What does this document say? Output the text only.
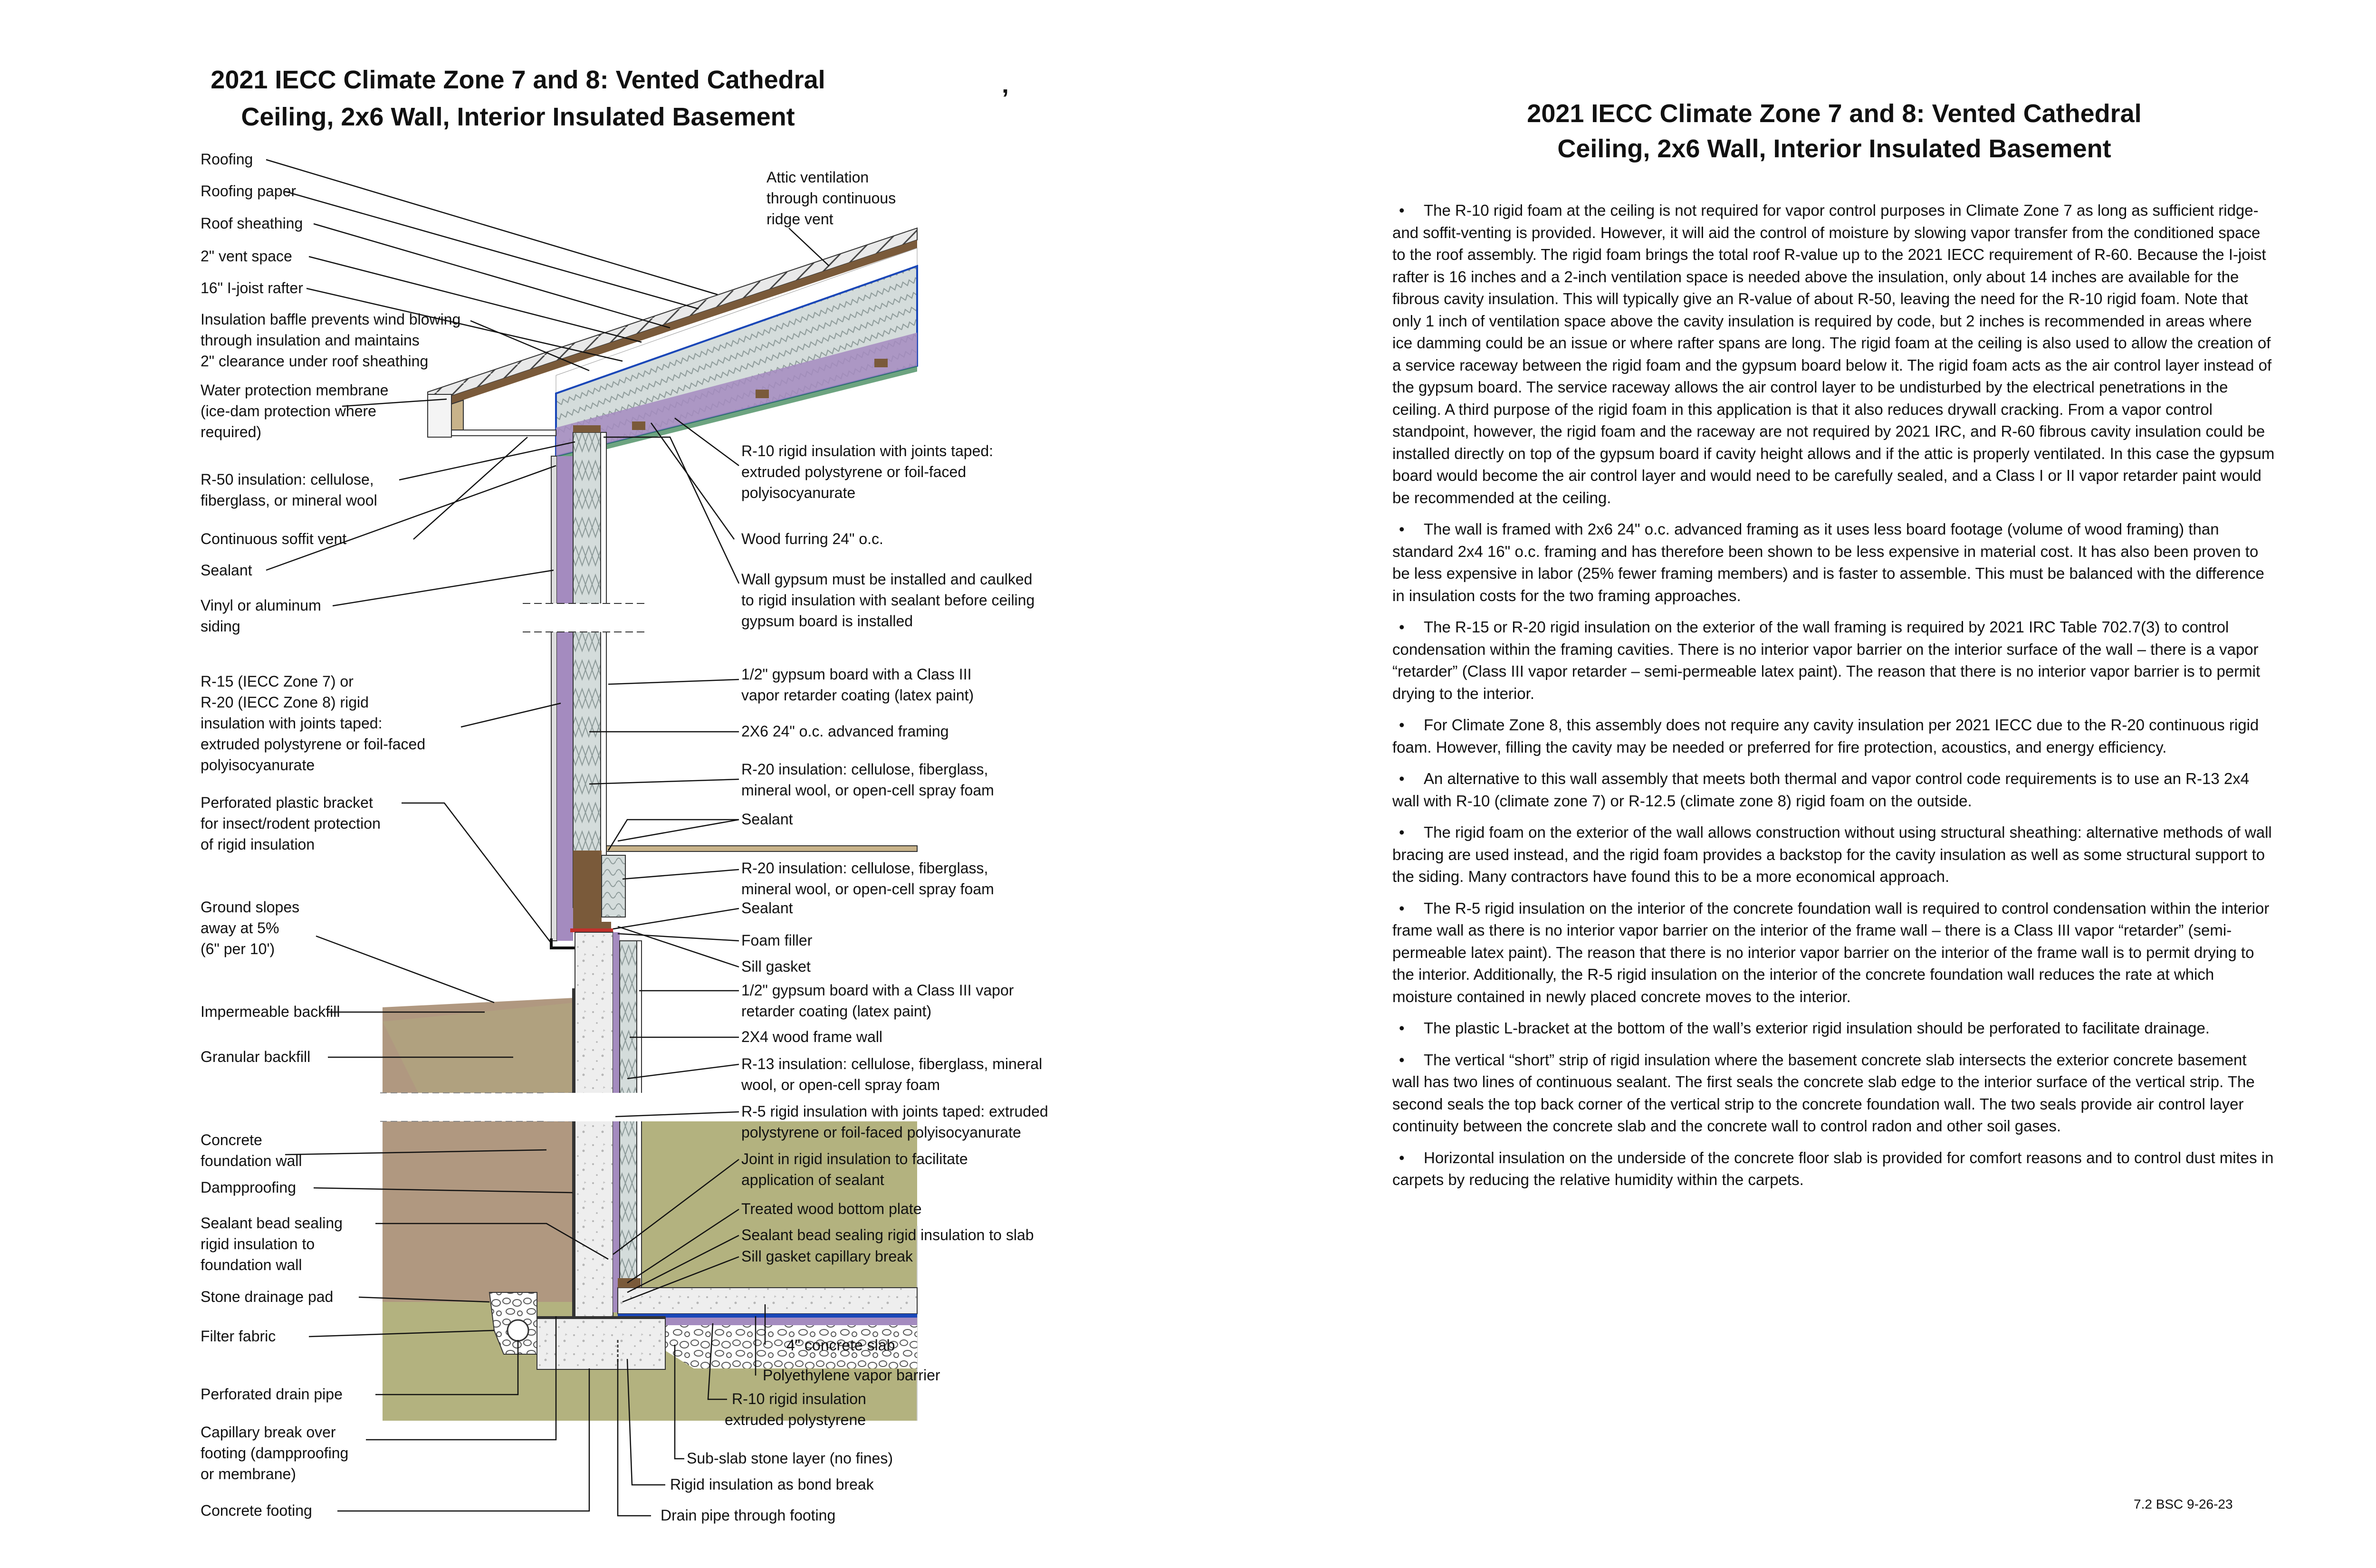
2021 IECC Climate Zone 7 and 8: Vented Cathedral
Ceiling, 2x6 Wall, Interior Insulated Basement
’
Roofing
Roofing paper
Roof sheathing
2" vent space
16" I-joist rafter
Insulation baffle prevents wind blowing through insulation and maintains 2" clearance under roof sheathing
Water protection membrane (ice-dam protection where required)
R-50 insulation: cellulose, fiberglass, or mineral wool
Continuous soffit vent
Sealant
Vinyl or aluminum siding
R-15 (IECC Zone 7) or R-20 (IECC Zone 8) rigid insulation with joints taped: extruded polystyrene or foil-faced polyisocyanurate
Perforated plastic bracket for insect/rodent protection of rigid insulation
Ground slopes away at 5% (6" per 10')
Impermeable backfill
Granular backfill
Concrete foundation wall
Dampproofing
Sealant bead sealing rigid insulation to foundation wall
Stone drainage pad
Filter fabric
Perforated drain pipe
Capillary break over footing (dampproofing or membrane)
Concrete footing
Attic ventilation through continuous ridge vent
R-10 rigid insulation with joints taped: extruded polystyrene or foil-faced polyisocyanurate
Wood furring 24" o.c.
Wall gypsum must be installed and caulked to rigid insulation with sealant before ceiling gypsum board is installed
1/2" gypsum board with a Class III vapor retarder coating (latex paint)
2X6 24" o.c. advanced framing
R-20 insulation: cellulose, fiberglass, mineral wool, or open-cell spray foam
Sealant
R-20 insulation: cellulose, fiberglass, mineral wool, or open-cell spray foam
Sealant
Foam filler
Sill gasket
1/2" gypsum board with a Class III vapor retarder coating (latex paint)
2X4 wood frame wall
R-13 insulation: cellulose, fiberglass, mineral wool, or open-cell spray foam
R-5 rigid insulation with joints taped: extruded polystyrene or foil-faced polyisocyanurate
Joint in rigid insulation to facilitate application of sealant
Treated wood bottom plate
Sealant bead sealing rigid insulation to slab
Sill gasket capillary break
4" concrete slab
Polyethylene vapor barrier
R-10 rigid insulation extruded polystyrene
Sub-slab stone layer (no fines)
Rigid insulation as bond break
Drain pipe through footing
2021 IECC Climate Zone 7 and 8: Vented Cathedral
Ceiling, 2x6 Wall, Interior Insulated Basement
• The R-10 rigid foam at the ceiling is not required for vapor control purposes in Climate Zone 7 as long as sufficient ridge- and soffit-venting is provided. However, it will aid the control of moisture by slowing vapor transfer from the conditioned space to the roof assembly. The rigid foam brings the total roof R-value up to the 2021 IECC requirement of R-60. Because the I-joist rafter is 16 inches and a 2-inch ventilation space is needed above the insulation, only about 14 inches are available for the fibrous cavity insulation. This will typically give an R-value of about R-50, leaving the need for the R-10 rigid foam. Note that only 1 inch of ventilation space above the cavity insulation is required by code, but 2 inches is recommended in areas where ice damming could be an issue or where rafter spans are long. The rigid foam at the ceiling is also used to allow the creation of a service raceway between the rigid foam and the gypsum board below it. The rigid foam acts as the air control layer instead of the gypsum board. The service raceway allows the air control layer to be undisturbed by the electrical penetrations in the ceiling. A third purpose of the rigid foam in this application is that it also reduces drywall cracking. From a vapor control standpoint, however, the rigid foam and the raceway are not required by 2021 IRC, and R-60 fibrous cavity insulation could be installed directly on top of the gypsum board if cavity height allows and if the attic is properly ventilated. In this case the gypsum board would become the air control layer and would need to be carefully sealed, and a Class I or II vapor retarder paint would be recommended at the ceiling.
• The wall is framed with 2x6 24" o.c. advanced framing as it uses less board footage (volume of wood framing) than standard 2x4 16" o.c. framing and has therefore been shown to be less expensive in material cost. It has also been proven to be less expensive in labor (25% fewer framing members) and is faster to assemble. This must be balanced with the difference in insulation costs for the two framing approaches.
• The R-15 or R-20 rigid insulation on the exterior of the wall framing is required by 2021 IRC Table 702.7(3) to control condensation within the framing cavities. There is no interior vapor barrier on the interior surface of the wall – there is a vapor “retarder” (Class III vapor retarder – semi-permeable latex paint). The reason that there is no interior vapor barrier is to permit drying to the interior.
• For Climate Zone 8, this assembly does not require any cavity insulation per 2021 IECC due to the R-20 continuous rigid foam. However, filling the cavity may be needed or preferred for fire protection, acoustics, and energy efficiency.
• An alternative to this wall assembly that meets both thermal and vapor control code requirements is to use an R-13 2x4 wall with R-10 (climate zone 7) or R-12.5 (climate zone 8) rigid foam on the outside.
• The rigid foam on the exterior of the wall allows construction without using structural sheathing: alternative methods of wall bracing are used instead, and the rigid foam provides a backstop for the cavity insulation as well as some structural support to the siding. Many contractors have found this to be a more economical approach.
• The R-5 rigid insulation on the interior of the concrete foundation wall is required to control condensation within the interior frame wall as there is no interior vapor barrier on the interior of the frame wall – there is a Class III vapor “retarder” (semi-permeable latex paint). The reason that there is no interior vapor barrier on the interior of the frame wall is to permit drying to the interior. Additionally, the R-5 rigid insulation on the interior of the concrete foundation wall reduces the rate at which moisture contained in newly placed concrete moves to the interior.
• The plastic L-bracket at the bottom of the wall’s exterior rigid insulation should be perforated to facilitate drainage.
• The vertical “short” strip of rigid insulation where the basement concrete slab intersects the exterior concrete basement wall has two lines of continuous sealant. The first seals the concrete slab edge to the interior surface of the vertical strip. The second seals the top back corner of the vertical strip to the concrete foundation wall. The two seals provide air control layer continuity between the concrete slab and the concrete wall to control radon and other soil gases.
• Horizontal insulation on the underside of the concrete floor slab is provided for comfort reasons and to control dust mites in carpets by reducing the relative humidity within the carpets.
7.2 BSC 9-26-23
